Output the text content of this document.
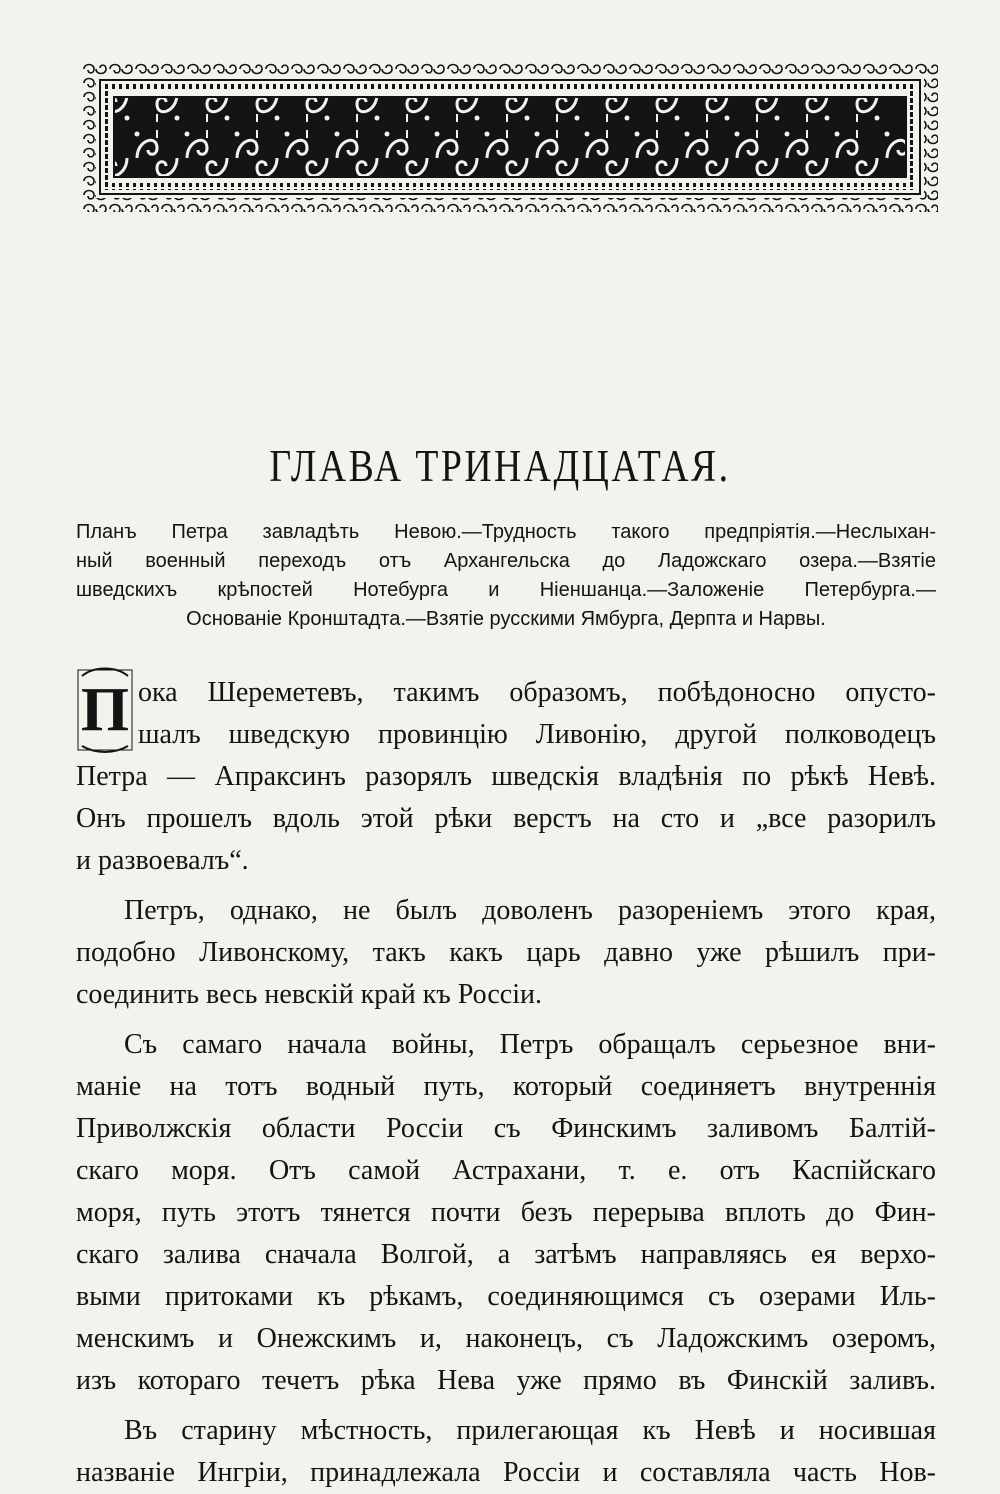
ГЛАВА ТРИНАДЦАТАЯ.
Планъ Петра завладѣть Невою.—Трудность такого предпріятія.—Неслыхан-
ный военный переходъ отъ Архангельска до Ладожскаго озера.—Взятіе
шведскихъ крѣпостей Нотебурга и Ніеншанца.—Заложеніе Петербурга.—
Основаніе Кронштадта.—Взятіе русскими Ямбурга, Дерпта и Нарвы.
П ока Шереметевъ, такимъ образомъ, побѣдоносно опусто-
шалъ шведскую провинцію Ливонію, другой полководецъ
Петра — Апраксинъ разорялъ шведскія владѣнія по рѣкѣ Невѣ.
Онъ прошелъ вдоль этой рѣки верстъ на сто и „все разорилъ
и развоевалъ“.
Петръ, однако, не былъ доволенъ разореніемъ этого края,
подобно Ливонскому, такъ какъ царь давно уже рѣшилъ при-
соединить весь невскій край къ Россіи.
Съ самаго начала войны, Петръ обращалъ серьезное вни-
маніе на тотъ водный путь, который соединяетъ внутреннія
Приволжскія области Россіи съ Финскимъ заливомъ Балтій-
скаго моря. Отъ самой Астрахани, т. е. отъ Каспійскаго
моря, путь этотъ тянется почти безъ перерыва вплоть до Фин-
скаго залива сначала Волгой, а затѣмъ направляясь ея верхо-
выми притоками къ рѣкамъ, соединяющимся съ озерами Иль-
менскимъ и Онежскимъ и, наконецъ, съ Ладожскимъ озеромъ,
изъ котораго течетъ рѣка Нева уже прямо въ Финскій заливъ.
Въ старину мѣстность, прилегающая къ Невѣ и носившая
названіе Ингріи, принадлежала Россіи и составляла часть Нов-
